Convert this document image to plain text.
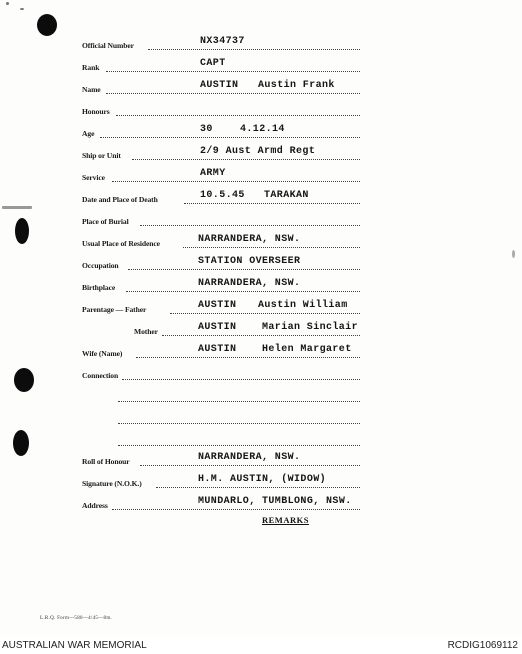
Official Number	NX34737
Rank	CAPT
Name	AUSTIN Austin Frank
Honours
Age	30	4.12.14
Ship or Unit	2/9 Aust Armd Regt
Service	ARMY
Date and Place of Death	10.5.45 TARAKAN
Place of Burial
Usual Place of Residence	NARRANDERA, NSW.
Occupation	STATION OVERSEER
Birthplace	NARRANDERA, NSW.
Parentage — Father	AUSTIN Austin William
Mother	AUSTIN	Marian Sinclair
Wife (Name)	AUSTIN	Helen Margaret
Connection
Roll of Honour	NARRANDERA, NSW.
Signature (N.O.K.)	H.M. AUSTIN, (WIDOW)
Address	MUNDARLO, TUMBLONG, NSW.
REMARKS
L.R.Q. Form—580—4/45—8m.
AUSTRALIAN WAR MEMORIAL	RCDIG1069112
